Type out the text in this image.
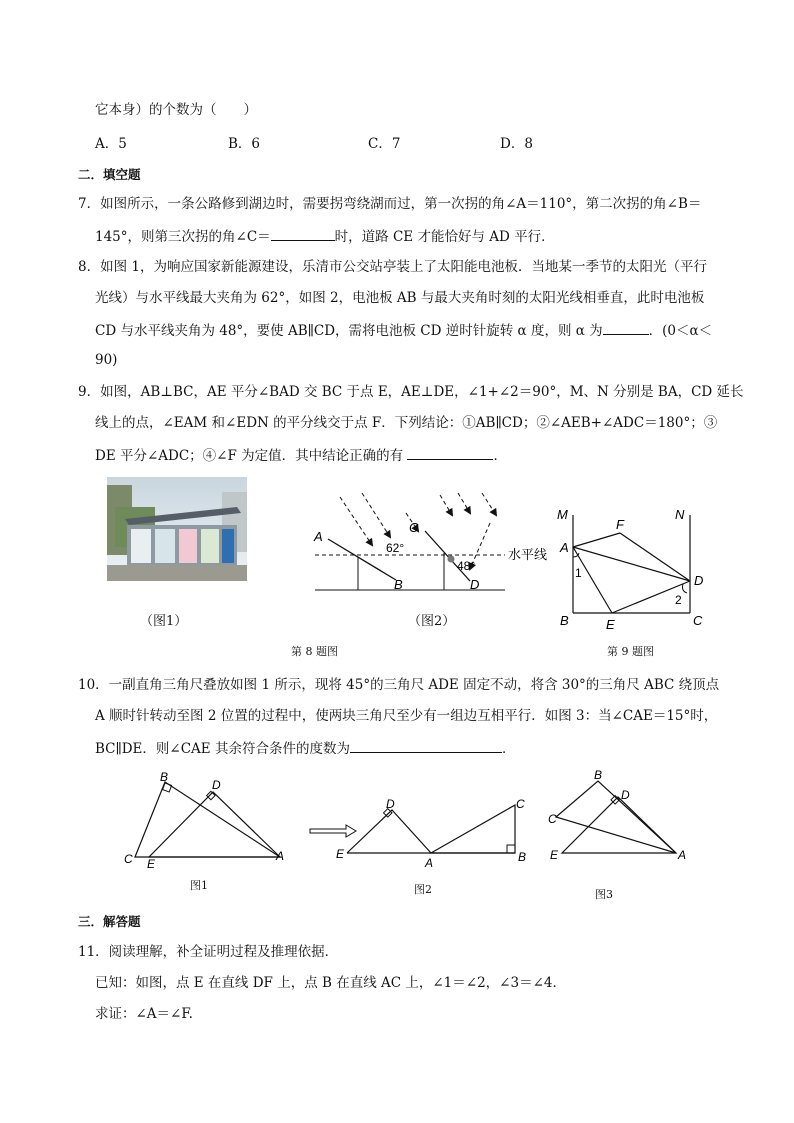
它本身）的个数为（　　）
A．5	B．6	C．7	D．8
二．填空题
7．如图所示，一条公路修到湖边时，需要拐弯绕湖而过，第一次拐的角∠A＝110°，第二次拐的角∠B＝
145°，则第三次拐的角∠C＝	时，道路 CE 才能恰好与 AD 平行．
8．如图 1，为响应国家新能源建设，乐清市公交站亭装上了太阳能电池板．当地某一季节的太阳光（平行
光线）与水平线最大夹角为 62°，如图 2，电池板 AB 与最大夹角时刻的太阳光线相垂直，此时电池板
CD 与水平线夹角为 48°，要使 AB∥CD，需将电池板 CD 逆时针旋转 α 度，则 α 为	．(0＜α＜
90)
9．如图，AB⊥BC，AE 平分∠BAD 交 BC 于点 E，AE⊥DE，∠1+∠2＝90°，M、N 分别是 BA，CD 延长
线上的点，∠EAM 和∠EDN 的平分线交于点 F．下列结论：①AB∥CD；②∠AEB+∠ADC＝180°；③
DE 平分∠ADC；④∠F 为定值．其中结论正确的有	．
（图1）
A
B
C
D
62°
48°
水平线
（图2）
第 8 题图
M	N
A
B	C
D
E
F
1
2
第 9 题图
10．一副直角三角尺叠放如图 1 所示，现将 45°的三角尺 ADE 固定不动，将含 30°的三角尺 ABC 绕顶点
A 顺时针转动至图 2 位置的过程中，使两块三角尺至少有一组边互相平行．如图 3：当∠CAE＝15°时，
BC∥DE．则∠CAE 其余符合条件的度数为	．
B
D
C E
A
D
E
A
C
B
B
D
C
E	A
图1	图2	图3
三．解答题
11．阅读理解，补全证明过程及推理依据．
已知：如图，点 E 在直线 DF 上，点 B 在直线 AC 上，∠1＝∠2，∠3＝∠4．
求证：∠A＝∠F.
